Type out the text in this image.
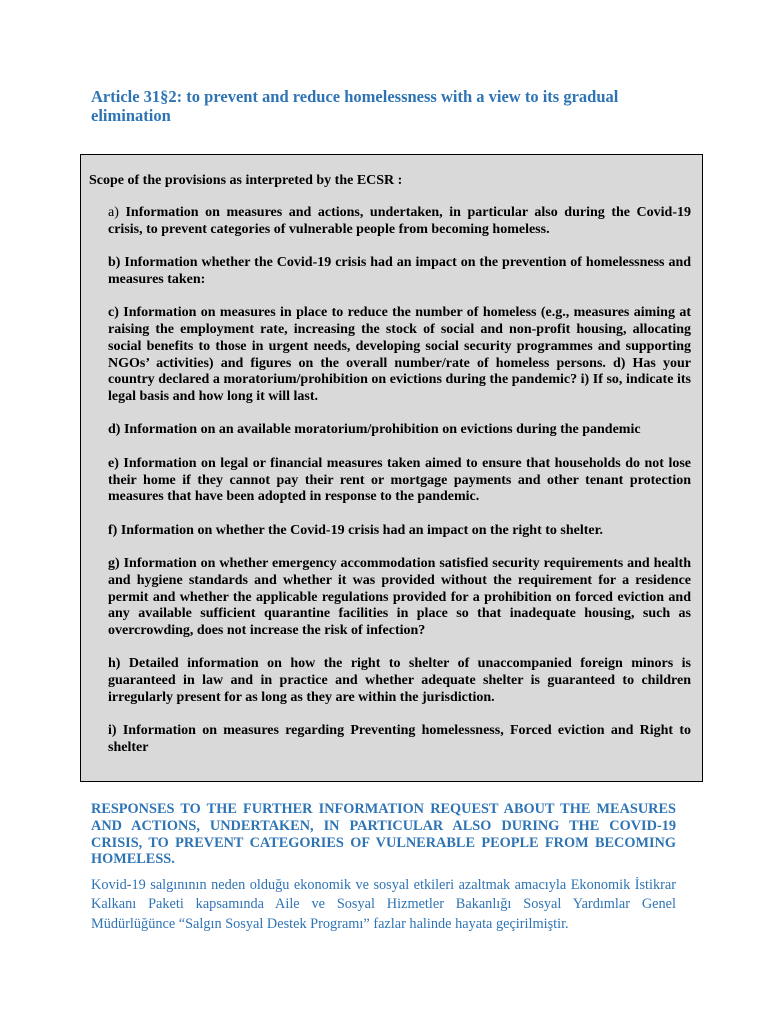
Article 31§2: to prevent and reduce homelessness with a view to its gradual elimination

Scope of the provisions as interpreted by the ECSR :

a) Information on measures and actions, undertaken, in particular also during the Covid-19 crisis, to prevent categories of vulnerable people from becoming homeless.

b) Information whether the Covid-19 crisis had an impact on the prevention of homelessness and measures taken:

c) Information on measures in place to reduce the number of homeless (e.g., measures aiming at raising the employment rate, increasing the stock of social and non-profit housing, allocating social benefits to those in urgent needs, developing social security programmes and supporting NGOs’ activities) and figures on the overall number/rate of homeless persons. d) Has your country declared a moratorium/prohibition on evictions during the pandemic? i) If so, indicate its legal basis and how long it will last.

d) Information on an available moratorium/prohibition on evictions during the pandemic

e) Information on legal or financial measures taken aimed to ensure that households do not lose their home if they cannot pay their rent or mortgage payments and other tenant protection measures that have been adopted in response to the pandemic.

f) Information on whether the Covid-19 crisis had an impact on the right to shelter.

g) Information on whether emergency accommodation satisfied security requirements and health and hygiene standards and whether it was provided without the requirement for a residence permit and whether the applicable regulations provided for a prohibition on forced eviction and any available sufficient quarantine facilities in place so that inadequate housing, such as overcrowding, does not increase the risk of infection?

h) Detailed information on how the right to shelter of unaccompanied foreign minors is guaranteed in law and in practice and whether adequate shelter is guaranteed to children irregularly present for as long as they are within the jurisdiction.

i) Information on measures regarding Preventing homelessness, Forced eviction and Right to shelter

RESPONSES TO THE FURTHER INFORMATION REQUEST ABOUT THE MEASURES AND ACTIONS, UNDERTAKEN, IN PARTICULAR ALSO DURING THE COVID-19 CRISIS, TO PREVENT CATEGORIES OF VULNERABLE PEOPLE FROM BECOMING HOMELESS.

Kovid-19 salgınının neden olduğu ekonomik ve sosyal etkileri azaltmak amacıyla Ekonomik İstikrar Kalkanı Paketi kapsamında Aile ve Sosyal Hizmetler Bakanlığı Sosyal Yardımlar Genel Müdürlüğünce “Salgın Sosyal Destek Programı” fazlar halinde hayata geçirilmiştir.
